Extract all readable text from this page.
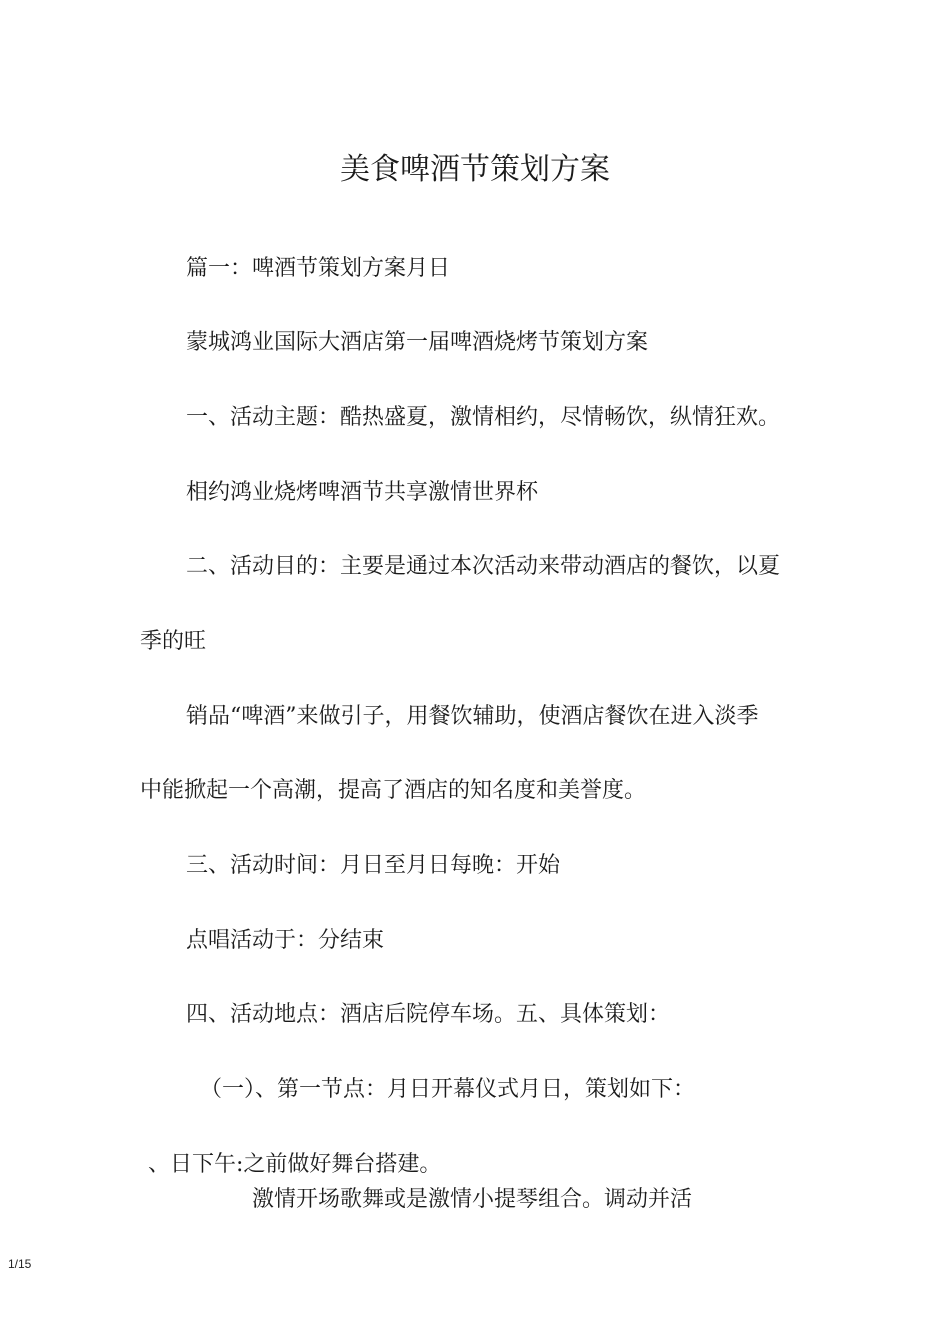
美食啤酒节策划方案
篇一：啤酒节策划方案月日
蒙城鸿业国际大酒店第一届啤酒烧烤节策划方案
一、活动主题：酷热盛夏，激情相约，尽情畅饮，纵情狂欢。
相约鸿业烧烤啤酒节共享激情世界杯
二、活动目的：主要是通过本次活动来带动酒店的餐饮，以夏
季的旺
销品“啤酒”来做引子，用餐饮辅助，使酒店餐饮在进入淡季
中能掀起一个高潮，提高了酒店的知名度和美誉度。
三、活动时间：月日至月日每晚：开始
点唱活动于：分结束
四、活动地点：酒店后院停车场。五、具体策划：
（一）、第一节点：月日开幕仪式月日，策划如下：
、日下午:之前做好舞台搭建。
激情开场歌舞或是激情小提琴组合。调动并活
1/15
